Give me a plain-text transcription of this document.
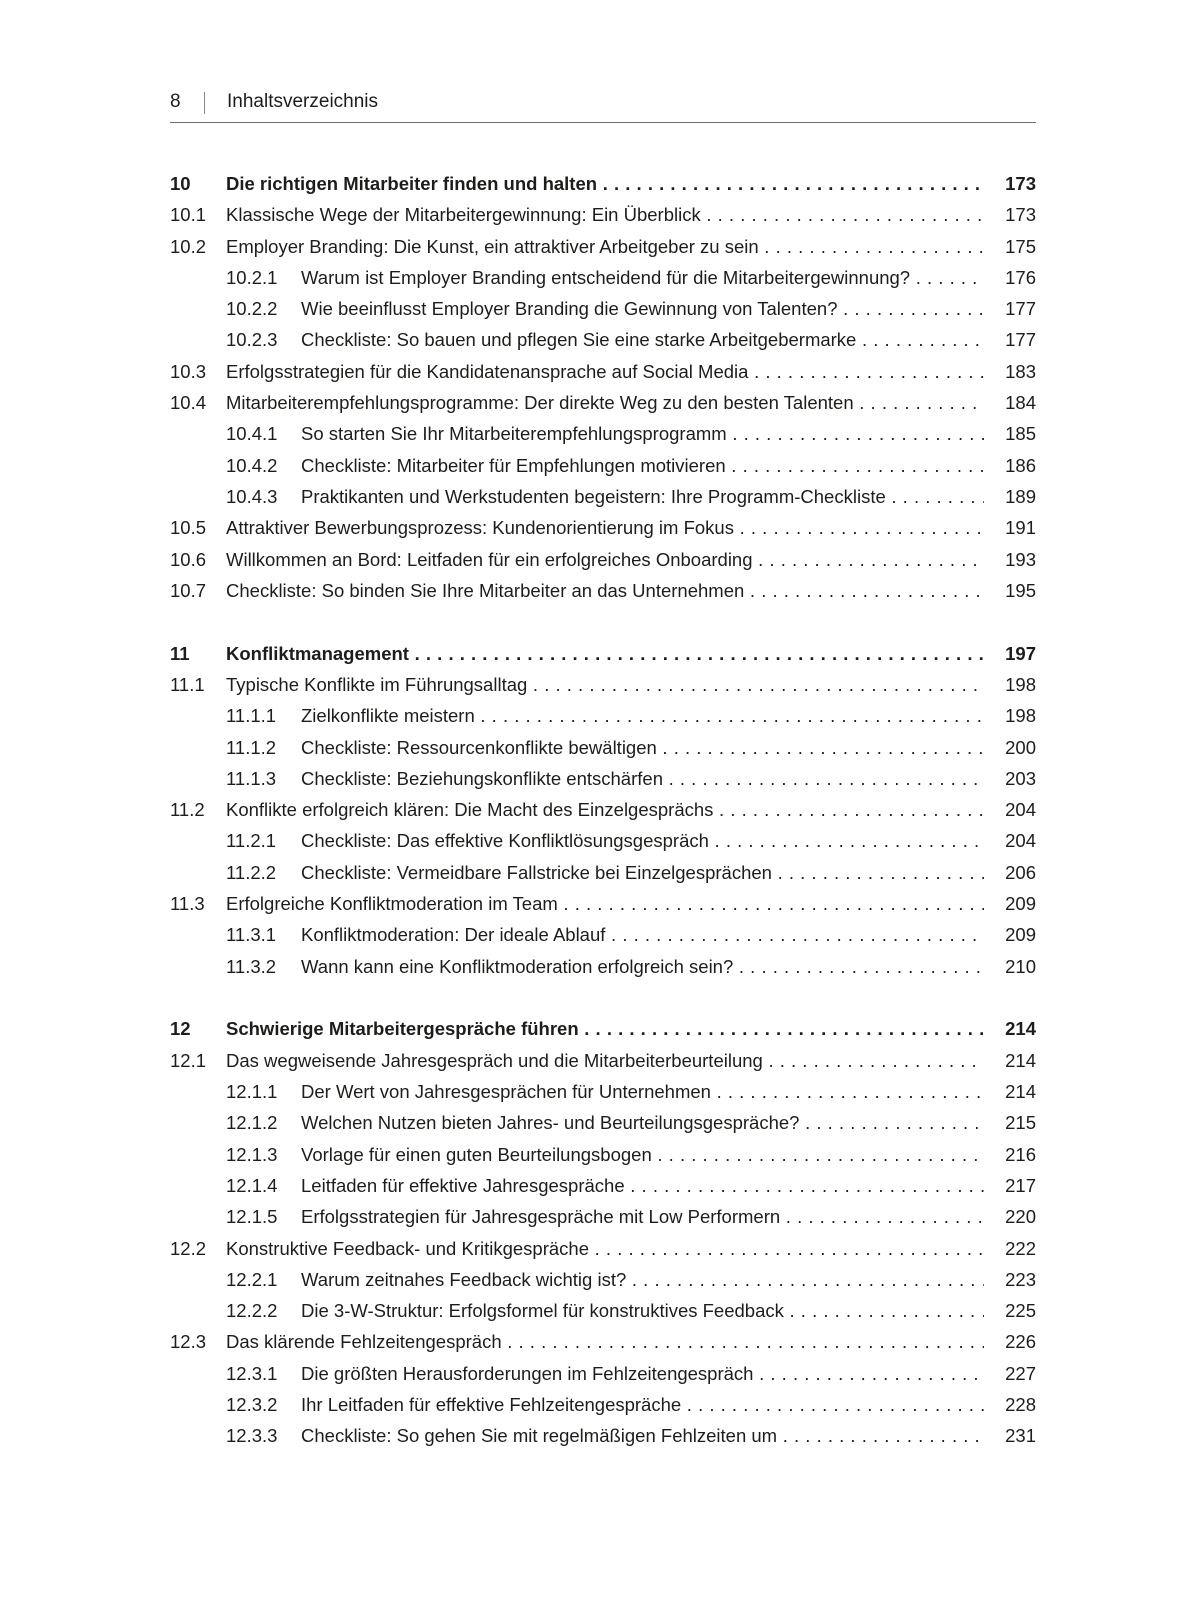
8 Inhaltsverzeichnis
10 Die richtigen Mitarbeiter finden und halten . . .	173
10.1 Klassische Wege der Mitarbeitergewinnung: Ein Überblick . . .	173
10.2 Employer Branding: Die Kunst, ein attraktiver Arbeitgeber zu sein . . .	175
10.2.1 Warum ist Employer Branding entscheidend für die Mitarbeitergewinnung? . . .	176
10.2.2 Wie beeinflusst Employer Branding die Gewinnung von Talenten? . . .	177
10.2.3 Checkliste: So bauen und pflegen Sie eine starke Arbeitgebermarke . . .	177
10.3 Erfolgsstrategien für die Kandidatenansprache auf Social Media . . .	183
10.4 Mitarbeiterempfehlungsprogramme: Der direkte Weg zu den besten Talenten . . .	184
10.4.1 So starten Sie Ihr Mitarbeiterempfehlungsprogramm . . .	185
10.4.2 Checkliste: Mitarbeiter für Empfehlungen motivieren . . .	186
10.4.3 Praktikanten und Werkstudenten begeistern: Ihre Programm-Checkliste . . .	189
10.5 Attraktiver Bewerbungsprozess: Kundenorientierung im Fokus . . .	191
10.6 Willkommen an Bord: Leitfaden für ein erfolgreiches Onboarding . . .	193
10.7 Checkliste: So binden Sie Ihre Mitarbeiter an das Unternehmen . . .	195
11 Konfliktmanagement . . .	197
11.1 Typische Konflikte im Führungsalltag . . .	198
11.1.1 Zielkonflikte meistern . . .	198
11.1.2 Checkliste: Ressourcenkonflikte bewältigen . . .	200
11.1.3 Checkliste: Beziehungskonflikte entschärfen . . .	203
11.2 Konflikte erfolgreich klären: Die Macht des Einzelgesprächs . . .	204
11.2.1 Checkliste: Das effektive Konfliktlösungsgespräch . . .	204
11.2.2 Checkliste: Vermeidbare Fallstricke bei Einzelgesprächen . . .	206
11.3 Erfolgreiche Konfliktmoderation im Team . . .	209
11.3.1 Konfliktmoderation: Der ideale Ablauf . . .	209
11.3.2 Wann kann eine Konfliktmoderation erfolgreich sein? . . .	210
12 Schwierige Mitarbeitergespräche führen . . .	214
12.1 Das wegweisende Jahresgespräch und die Mitarbeiterbeurteilung . . .	214
12.1.1 Der Wert von Jahresgesprächen für Unternehmen . . .	214
12.1.2 Welchen Nutzen bieten Jahres- und Beurteilungsgespräche? . . .	215
12.1.3 Vorlage für einen guten Beurteilungsbogen . . .	216
12.1.4 Leitfaden für effektive Jahresgespräche . . .	217
12.1.5 Erfolgsstrategien für Jahresgespräche mit Low Performern . . .	220
12.2 Konstruktive Feedback- und Kritikgespräche . . .	222
12.2.1 Warum zeitnahes Feedback wichtig ist? . . .	223
12.2.2 Die 3-W-Struktur: Erfolgsformel für konstruktives Feedback . . .	225
12.3 Das klärende Fehlzeitengespräch . . .	226
12.3.1 Die größten Herausforderungen im Fehlzeitengespräch . . .	227
12.3.2 Ihr Leitfaden für effektive Fehlzeitengespräche . . .	228
12.3.3 Checkliste: So gehen Sie mit regelmäßigen Fehlzeiten um . . .	231
